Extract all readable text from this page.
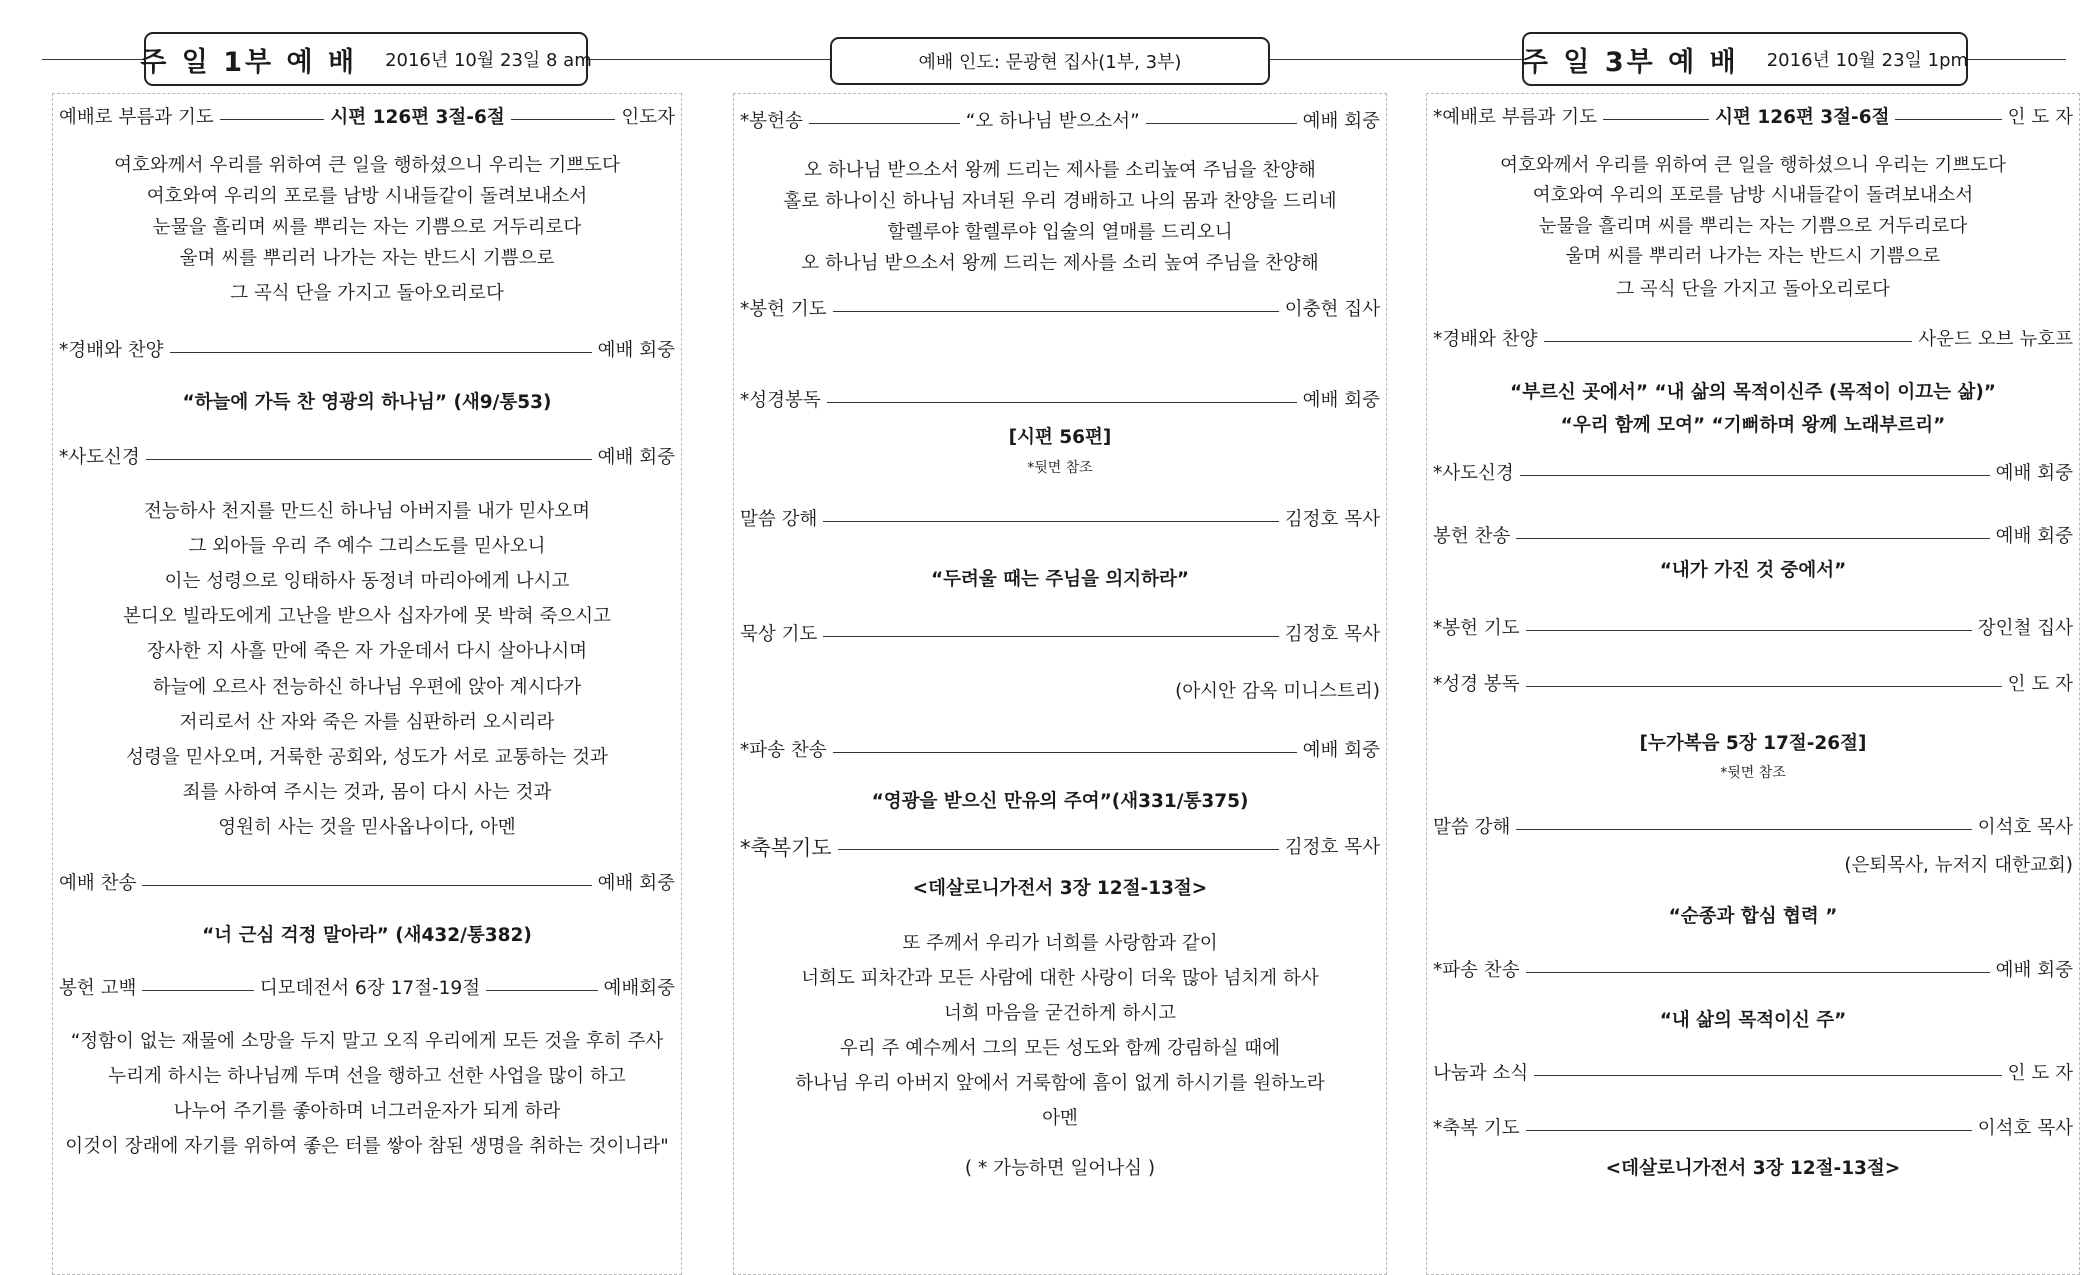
주 일 1부 예 배 2016년 10월 23일 8 am	예배 인도: 문광현 집사(1부, 3부)	주 일 3부 예 배 2016년 10월 23일 1pm
예배로 부름과 기도	시편 126편 3절-6절	인도자
여호와께서 우리를 위하여 큰 일을 행하셨으니 우리는 기쁘도다
여호와여 우리의 포로를 남방 시내들같이 돌려보내소서
눈물을 흘리며 씨를 뿌리는 자는 기쁨으로 거두리로다
울며 씨를 뿌리러 나가는 자는 반드시 기쁨으로
그 곡식 단을 가지고 돌아오리로다
*경배와 찬양	예배 회중
“하늘에 가득 찬 영광의 하나님” (새9/통53)
*사도신경	예배 회중
전능하사 천지를 만드신 하나님 아버지를 내가 믿사오며
그 외아들 우리 주 예수 그리스도를 믿사오니
이는 성령으로 잉태하사 동정녀 마리아에게 나시고
본디오 빌라도에게 고난을 받으사 십자가에 못 박혀 죽으시고
장사한 지 사흘 만에 죽은 자 가운데서 다시 살아나시며
하늘에 오르사 전능하신 하나님 우편에 앉아 계시다가
저리로서 산 자와 죽은 자를 심판하러 오시리라
성령을 믿사오며, 거룩한 공회와, 성도가 서로 교통하는 것과
죄를 사하여 주시는 것과, 몸이 다시 사는 것과
영원히 사는 것을 믿사옵나이다, 아멘
예배 찬송	예배 회중
“너 근심 걱정 말아라” (새432/통382)
봉헌 고백	디모데전서 6장 17절-19절	예배회중
“정함이 없는 재물에 소망을 두지 말고 오직 우리에게 모든 것을 후히 주사
누리게 하시는 하나님께 두며 선을 행하고 선한 사업을 많이 하고
나누어 주기를 좋아하며 너그러운자가 되게 하라
이것이 장래에 자기를 위하여 좋은 터를 쌓아 참된 생명을 취하는 것이니라"
*봉헌송	“오 하나님 받으소서”	예배 회중
오 하나님 받으소서 왕께 드리는 제사를 소리높여 주님을 찬양해
홀로 하나이신 하나님 자녀된 우리 경배하고 나의 몸과 찬양을 드리네
할렐루야 할렐루야 입술의 열매를 드리오니
오 하나님 받으소서 왕께 드리는 제사를 소리 높여 주님을 찬양해
*봉헌 기도	이충현 집사
*성경봉독	예배 회중
[시편 56편]
*뒷면 참조
말씀 강해	김정호 목사
“두려울 때는 주님을 의지하라”
묵상 기도	김정호 목사
(아시안 감옥 미니스트리)
*파송 찬송	예배 회중
“영광을 받으신 만유의 주여”(새331/통375)
*축복기도	김정호 목사
<데살로니가전서 3장 12절-13절>
또 주께서 우리가 너희를 사랑함과 같이
너희도 피차간과 모든 사람에 대한 사랑이 더욱 많아 넘치게 하사
너희 마음을 굳건하게 하시고
우리 주 예수께서 그의 모든 성도와 함께 강림하실 때에
하나님 우리 아버지 앞에서 거룩함에 흠이 없게 하시기를 원하노라
아멘
( * 가능하면 일어나심 )
*예배로 부름과 기도	시편 126편 3절-6절	인 도 자
여호와께서 우리를 위하여 큰 일을 행하셨으니 우리는 기쁘도다
여호와여 우리의 포로를 남방 시내들같이 돌려보내소서
눈물을 흘리며 씨를 뿌리는 자는 기쁨으로 거두리로다
울며 씨를 뿌리러 나가는 자는 반드시 기쁨으로
그 곡식 단을 가지고 돌아오리로다
*경배와 찬양	사운드 오브 뉴호프
“부르신 곳에서” “내 삶의 목적이신주 (목적이 이끄는 삶)”
“우리 함께 모여” “기뻐하며 왕께 노래부르리”
*사도신경	예배 회중
봉헌 찬송	예배 회중
“내가 가진 것 중에서”
*봉헌 기도	장인철 집사
*성경 봉독	인 도 자
[누가복음 5장 17절-26절]
*뒷면 참조
말씀 강해	이석호 목사
(은퇴목사, 뉴저지 대한교회)
“순종과 합심 협력 ”
*파송 찬송	예배 회중
“내 삶의 목적이신 주”
나눔과 소식	인 도 자
*축복 기도	이석호 목사
<데살로니가전서 3장 12절-13절>
